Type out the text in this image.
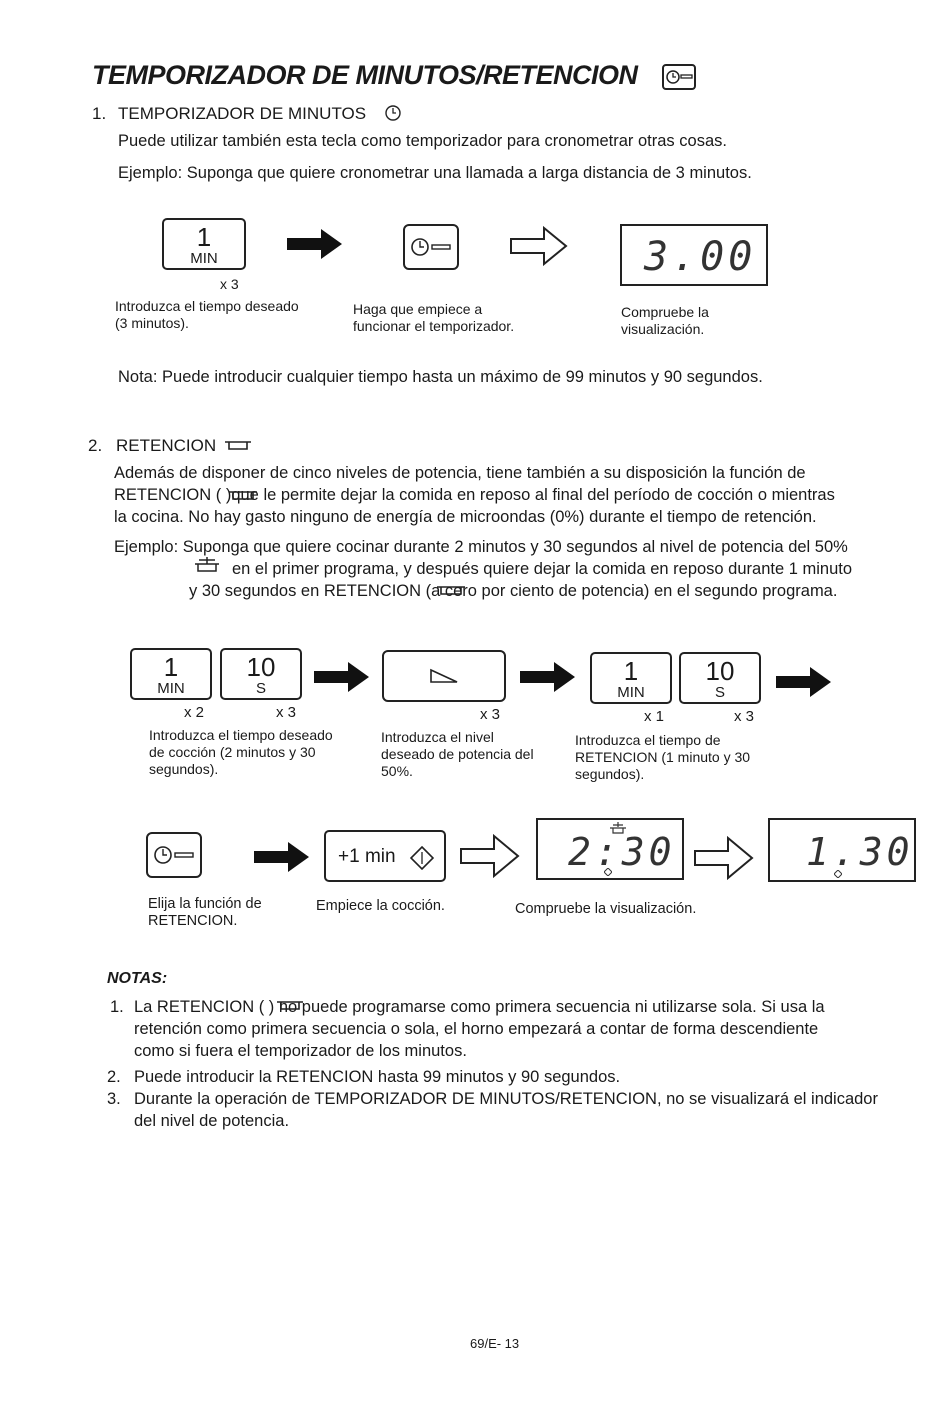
TEMPORIZADOR DE MINUTOS/RETENCION
1. TEMPORIZADOR DE MINUTOS
Puede utilizar también esta tecla como temporizador para cronometrar otras cosas.
Ejemplo: Suponga que quiere cronometrar una llamada a larga distancia de 3 minutos.
1
MIN
x 3
3.00
Introduzca el tiempo deseado (3 minutos).
Haga que empiece a funcionar el temporizador.
Compruebe la visualización.
Nota: Puede introducir cualquier tiempo hasta un máximo de 99 minutos y 90 segundos.
2. RETENCION
Además de disponer de cinco niveles de potencia, tiene también a su disposición la función de
RETENCION ( )que le permite dejar la comida en reposo al final del período de cocción o mientras
la cocina. No hay gasto ninguno de energía de microondas (0%) durante el tiempo de retención.
Ejemplo: Suponga que quiere cocinar durante 2 minutos y 30 segundos al nivel de potencia del 50%
en el primer programa, y después quiere dejar la comida en reposo durante 1 minuto
y 30 segundos en RETENCION (a cero por ciento de potencia) en el segundo programa.
1
MIN
10
S
x 2	x 3	x 3
1
MIN
10
S
x 1	x 3
Introduzca el tiempo deseado de cocción (2 minutos y 30 segundos).
Introduzca el nivel deseado de potencia del 50%.
Introduzca el tiempo de RETENCION (1 minuto y 30 segundos).
+1 min	2:30	1.30
Elija la función de RETENCION.
Empiece la cocción.	Compruebe la visualización.
NOTAS:
1. La RETENCION ( ) no puede programarse como primera secuencia ni utilizarse sola. Si usa la
retención como primera secuencia o sola, el horno empezará a contar de forma descendiente
como si fuera el temporizador de los minutos.
2. Puede introducir la RETENCION hasta 99 minutos y 90 segundos.
3. Durante la operación de TEMPORIZADOR DE MINUTOS/RETENCION, no se visualizará el indicador
del nivel de potencia.
69/E- 13
